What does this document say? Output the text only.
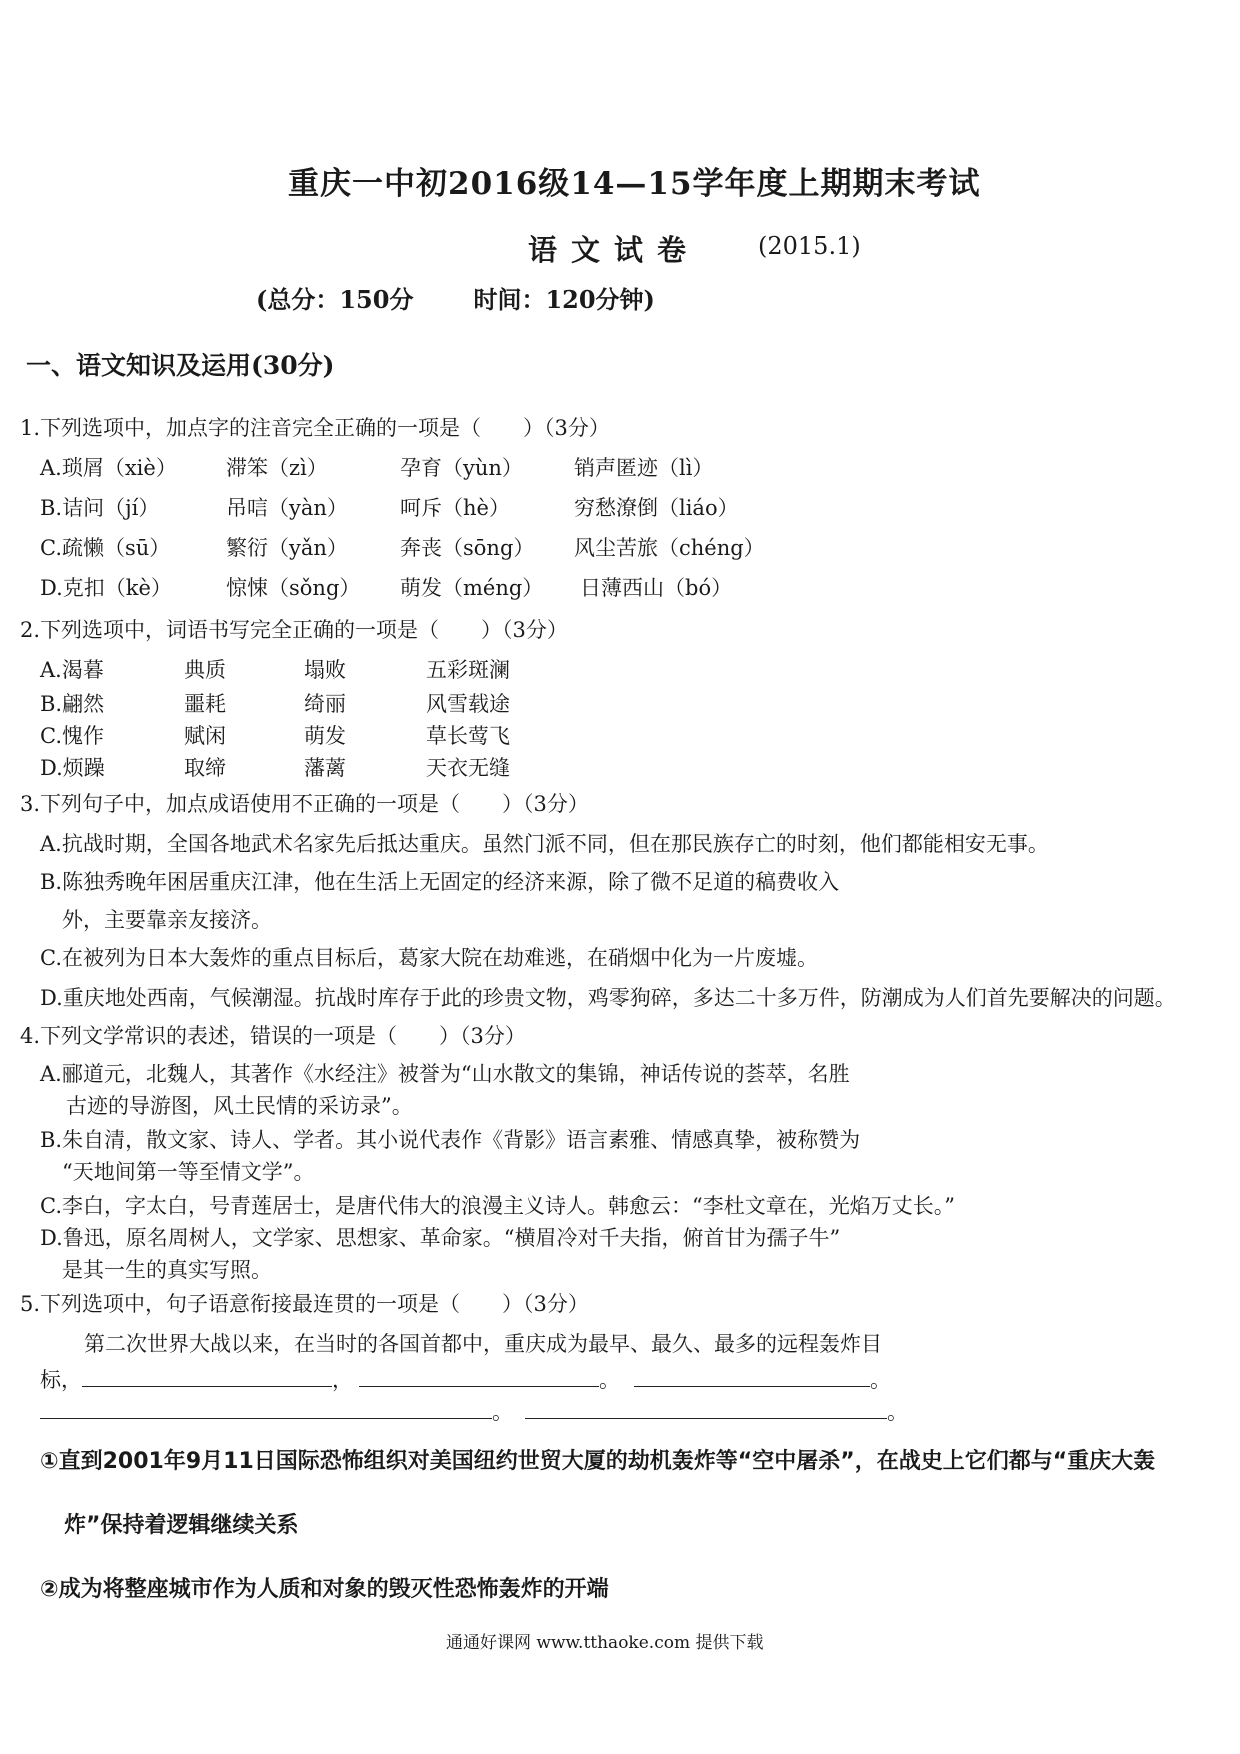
重庆一中初2016级14—15学年度上期期末考试
语文试卷 (2015.1)
(总分：150分	时间：120分钟)
一、语文知识及运用(30分)
1.下列选项中，加点字的注音完全正确的一项是（　　）（3分）
A.琐屑（xiè） 滞笨（zì）	孕育（yùn） 销声匿迹（lì）
B.诘问（jí）	吊唁（yàn） 呵斥（hè）	穷愁潦倒（liáo）
C.疏懒（sū）	繁衍（yǎn） 奔丧（sōng） 风尘苦旅（chéng）
D.克扣（kè）	惊悚（sǒng） 萌发（méng） 日薄西山（bó）
2.下列选项中，词语书写完全正确的一项是（　　）（3分）
A.渴暮	典质	塌败	五彩斑澜
B.翩然	噩耗	绮丽	风雪载途
C.愧作	赋闲	萌发	草长莺飞
D.烦躁	取缔	藩蓠	天衣无缝
3.下列句子中，加点成语使用不正确的一项是（　　）（3分）
A.抗战时期，全国各地武术名家先后抵达重庆。虽然门派不同，但在那民族存亡的时刻，他们都能相安无事。
B.陈独秀晚年困居重庆江津，他在生活上无固定的经济来源，除了微不足道的稿费收入
外，主要靠亲友接济。
C.在被列为日本大轰炸的重点目标后，葛家大院在劫难逃，在硝烟中化为一片废墟。
D.重庆地处西南，气候潮湿。抗战时库存于此的珍贵文物，鸡零狗碎，多达二十多万件，防潮成为人们首先要解决的问题。
4.下列文学常识的表述，错误的一项是（　　）（3分）
A.郦道元，北魏人，其著作《水经注》被誉为“山水散文的集锦，神话传说的荟萃，名胜
古迹的导游图，风土民情的采访录”。
B.朱自清，散文家、诗人、学者。其小说代表作《背影》语言素雅、情感真挚，被称赞为
“天地间第一等至情文学”。
C.李白，字太白，号青莲居士，是唐代伟大的浪漫主义诗人。韩愈云：“李杜文章在，光焰万丈长。”
D.鲁迅，原名周树人，文学家、思想家、革命家。“横眉冷对千夫指，俯首甘为孺子牛”
是其一生的真实写照。
5.下列选项中，句子语意衔接最连贯的一项是（　　）（3分）
第二次世界大战以来，在当时的各国首都中，重庆成为最早、最久、最多的远程轰炸目
标，	，	。	。
。	。
①直到2001年9月11日国际恐怖组织对美国纽约世贸大厦的劫机轰炸等“空中屠杀”，在战史上它们都与“重庆大轰
炸”保持着逻辑继续关系
②成为将整座城市作为人质和对象的毁灭性恐怖轰炸的开端
通通好课网 www.tthaoke.com 提供下载
